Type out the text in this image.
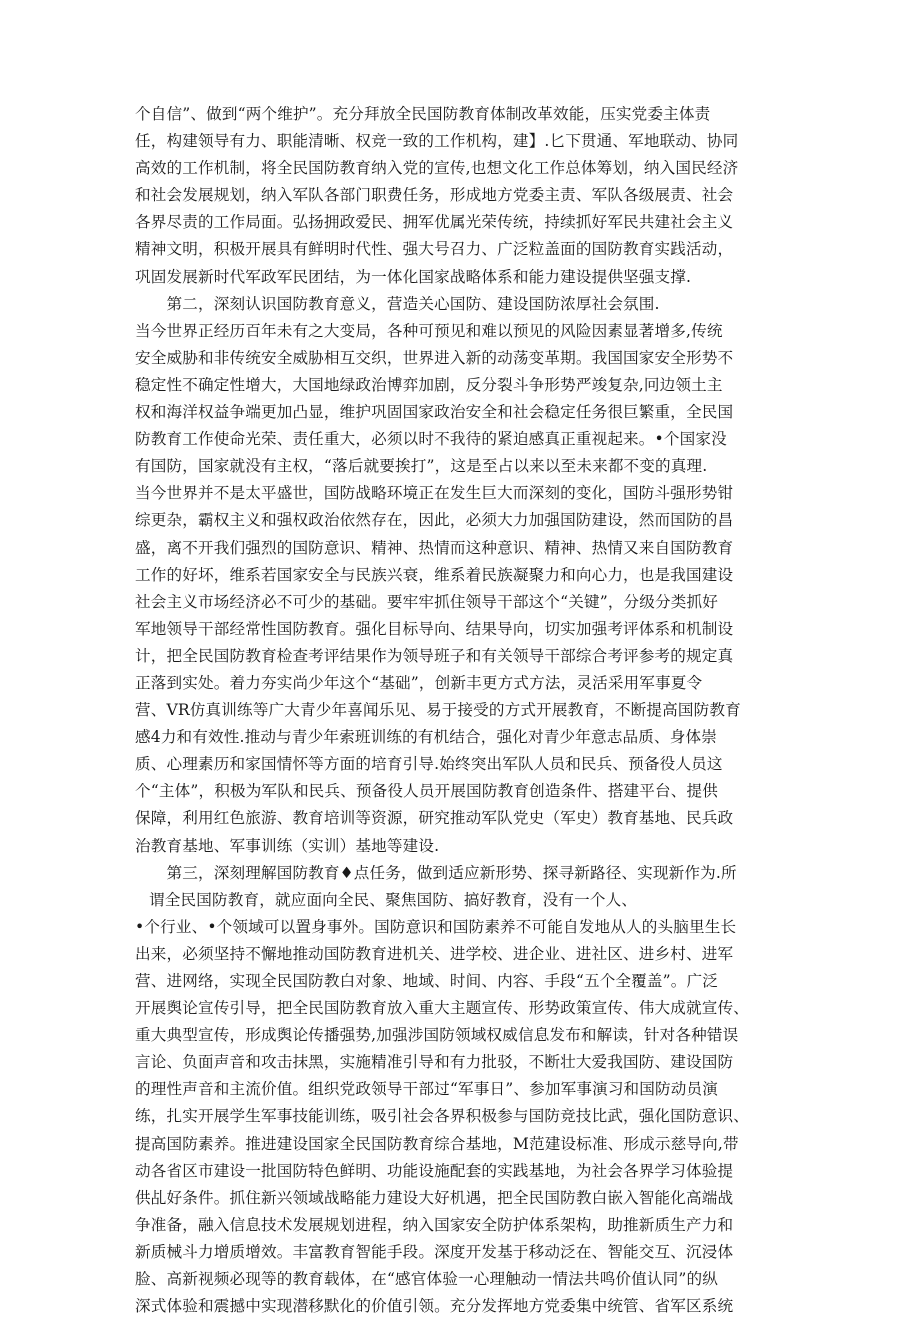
个自信”、做到“两个维护”。充分拜放全民国防教育体制改革效能，压实党委主体责
任，构建领导有力、职能清晰、权竞一致的工作机构，建】.匕下贯通、军地联动、协同
高效的工作机制，将全民国防教育纳入党的宣传,也想文化工作总体筹划，纳入国民经济
和社会发展规划，纳入军队各部门职费任务，形成地方党委主责、军队各级展责、社会
各界尽责的工作局面。弘扬拥政爱民、拥军优属光荣传统，持续抓好军民共建社会主义
精神文明，积极开展具有鲜明时代性、强大号召力、广泛粒盖面的国防教育实践活动，
巩固发展新时代军政军民团结，为一体化国家战略体系和能力建设提供坚强支撑.
　　第二，深刻认识国防教育意义，营造关心国防、建设国防浓厚社会氛围.
当今世界正经历百年未有之大变局，各种可预见和难以预见的风险因素显著增多,传统
安全威胁和非传统安全威胁相互交织，世界进入新的动荡变革期。我国国家安全形势不
稳定性不确定性增大，大国地绿政治博弈加剧，反分裂斗争形势严竣复杂,冋边领土主
权和海洋权益争端更加凸显，维护巩固国家政治安全和社会稳定任务很巨繁重，全民国
防教育工作使命光荣、责任重大，必须以时不我待的紧迫感真正重视起来。•个国家没
有国防，国家就没有主权，“落后就要挨打”，这是至占以来以至未来都不变的真理.
当今世界并不是太平盛世，国防战略环境正在发生巨大而深刻的变化，国防斗强形势钳
综更杂，霸权主义和强权政治依然存在，因此，必须大力加强国防建设，然而国防的昌
盛，离不开我们强烈的国防意识、精神、热情而这种意识、精神、热情又来自国防教育
工作的好坏，维系若国家安全与民族兴衰，维系着民族凝聚力和向心力，也是我国建设
社会主义市场经济必不可少的基础。要牢牢抓住领导干部这个“关键”，分级分类抓好
军地领导干部经常性国防教育。强化目标导向、结果导向，切实加强考评体系和机制设
计，把全民国防教育检查考评结果作为领导班子和有关领导干部综合考评参考的规定真
正落到实处。着力夯实尚少年这个“基础”，创新丰更方式方法，灵活采用军事夏令
营、VR仿真训练等广大青少年喜闻乐见、易于接受的方式开展教育，不断提高国防教育
感4力和有效性.推动与青少年索班训练的有机结合，强化对青少年意志品质、身体崇
质、心理素历和家国情怀等方面的培育引导.始终突出军队人员和民兵、预备役人员这
个“主体”，积极为军队和民兵、预备役人员开展国防教育创造条件、搭建平台、提供
保障，利用红色旅游、教育培训等资源，研究推动军队党史（军史）教育基地、民兵政
治教育基地、军事训练（实训）基地等建设.
　　第三，深刻理解国防教育♦点任务，做到适应新形势、探寻新路径、实现新作为.所
谓全民国防教育，就应面向全民、聚焦国防、搞好教育，没有一个人、
•个行业、•个领域可以置身事外。国防意识和国防素养不可能自发地从人的头脑里生长
出来，必须坚持不懈地推动国防教育进机关、进学校、进企业、进社区、进乡村、进军
营、进网络，实现全民国防教白对象、地域、时间、内容、手段“五个全覆盖”。广泛
开展舆论宣传引导，把全民国防教育放入重大主题宣传、形势政策宣传、伟大成就宣传、
重大典型宣传，形成舆论传播强势,加强涉国防领域权威信息发布和解读，针对各种错误
言论、负面声音和攻击抹黑，实施精准引导和有力批驳，不断壮大爱我国防、建设国防
的理性声音和主流价值。组织党政领导干部过“军事日”、参加军事演习和国防动员演
练，扎实开展学生军事技能训练，吸引社会各界积极参与国防竞技比武，强化国防意识、
提高国防素养。推进建设国家全民国防教育综合基地，M范建设标准、形成示慈导向,带
动各省区市建设一批国防特色鲜明、功能设施配套的实践基地，为社会各界学习体验提
供乩好条件。抓住新兴领域战略能力建设大好机遇，把全民国防教白嵌入智能化高端战
争准备，融入信息技术发展规划进程，纳入国家安全防护体系架构，助推新质生产力和
新质械斗力增质增效。丰富教育智能手段。深度开发基于移动泛在、智能交互、沉浸体
脸、高新视频必现等的教育载体，在“感官体验一心理触动一情法共鸣价值认同”的纵
深式体验和震撼中实现潜移默化的价值引领。充分发挥地方党委集中统管、省军区系统
